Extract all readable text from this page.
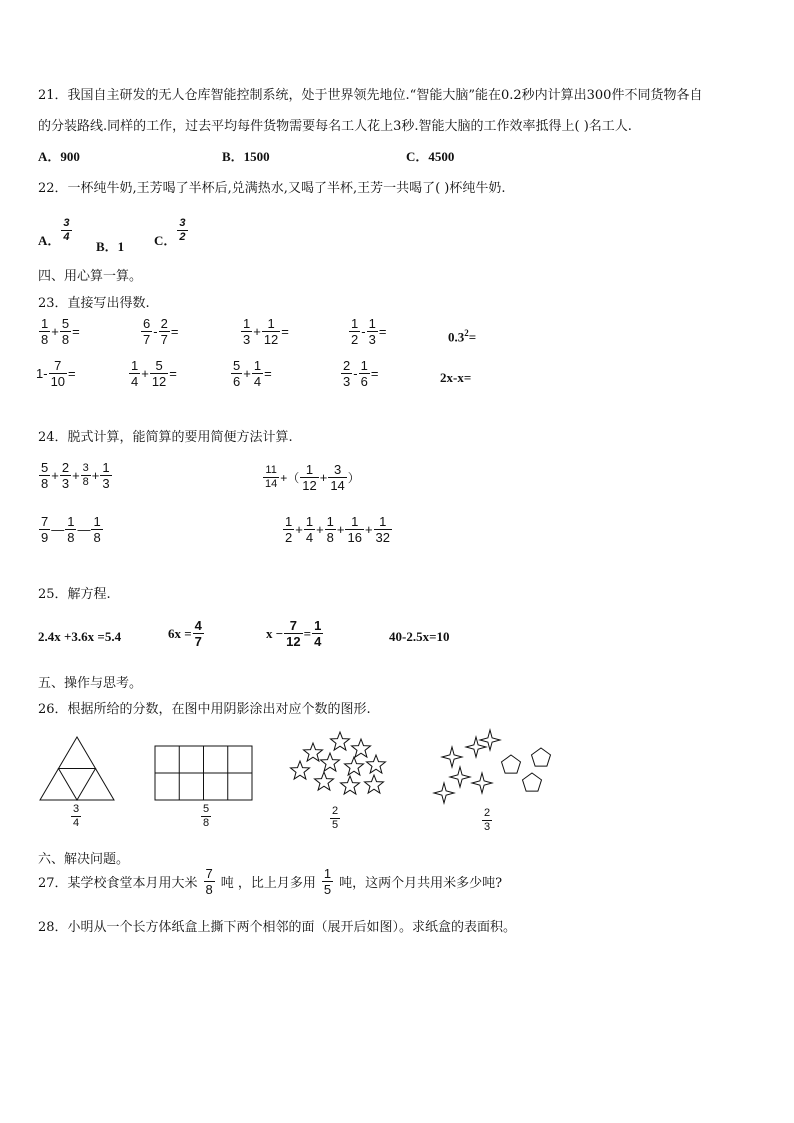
21．我国自主研发的无人仓库智能控制系统，处于世界领先地位.“智能大脑”能在0.2秒内计算出300件不同货物各自
的分装路线.同样的工作，过去平均每件货物需要每名工人花上3秒.智能大脑的工作效率抵得上( )名工人.
A．900	B．1500	C．4500
22．一杯纯牛奶,王芳喝了半杯后,兑满热水,又喝了半杯,王芳一共喝了( )杯纯牛奶.
A．
3
4
B．1 C．
3
2
四、用心算一算。
23．直接写出得数.
$\frac{1}{8} + \frac{5}{8}$ =	$\frac{6}{7} - \frac{2}{7}$ =	$\frac{1}{3} + \frac{1}{12}$ =	$\frac{1}{2} - \frac{1}{3}$ =	$0.3^2=$
$1- \frac{7}{10}$ =	$\frac{1}{4} + \frac{5}{12}$ =	$\frac{5}{6} + \frac{1}{4}$ =	$\frac{2}{3} - \frac{1}{6}$ =	2x-x=
24．脱式计算，能简算的要用简便方法计算.
$\frac{5}{8} + \frac{2}{3} + \frac{3}{8} + \frac{1}{3}$	$\frac{11}{14}$ +（ $\frac{1}{12} + \frac{3}{14}$ ）
$\frac{7}{9}$ — $\frac{1}{8}$ — $\frac{1}{8}$	$\frac{1}{2} + \frac{1}{4} + \frac{1}{8} + \frac{1}{16} + \frac{1}{32}$
25．解方程.
2.4x +3.6x =5.4	$6x = \frac{4}{7}$	$x - \frac{7}{12} = \frac{1}{4}$	40-2.5x=10
五、操作与思考。
26．根据所给的分数，在图中用阴影涂出对应个数的图形.
$\frac{3}{4}$	$\frac{5}{8}$	$\frac{2}{5}$	$\frac{2}{3}$
六、解决问题。
27．某学校食堂本月用大米
7
8 吨 ，比上月多用
1
5 吨，这两个月共用米多少吨?
28．小明从一个长方体纸盒上撕下两个相邻的面（展开后如图）。求纸盒的表面积。
